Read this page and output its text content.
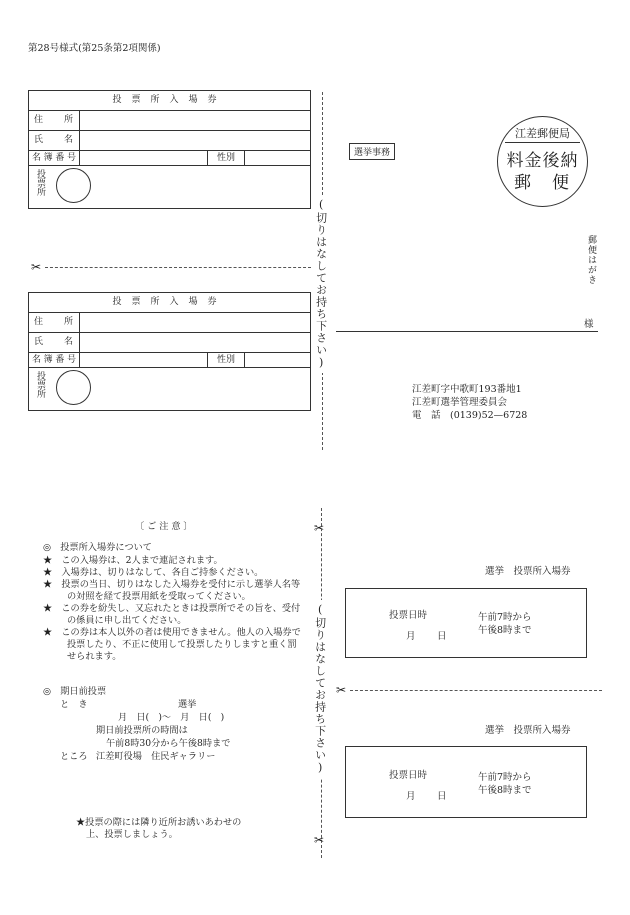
第28号様式(第25条第2項関係)
投票所入場券
住　所
氏　名
名簿番号	性別
投票所
✂
投票所入場券
住　所
氏　名
名簿番号	性別
投票所
(切りはなしてお持ち下さい)
選挙事務
江差郵便局
料金後納
郵　便
郵便はがき
様
江差町字中歌町193番地1
江差町選挙管理委員会
電　話　(0139)52—6728
〔 ご 注 意 〕
◎　投票所入場券について
★　この入場券は、2人まで連記されます。
★　入場券は、切りはなして、各自ご持参ください。
★　投票の当日、切りはなした入場券を受付に示し選挙人名等の対照を経て投票用紙を受取ってください。
★　この券を紛失し、又忘れたときは投票所でその旨を、受付の係員に申し出てください。
★　この券は本人以外の者は使用できません。他人の入場券で投票したり、不正に使用して投票したりしますと重く罰せられます。
◎　期日前投票
と　き	選挙
月　日(　)〜　月　日(　)
期日前投票所の時間は
午前8時30分から午後8時まで
ところ 江差町役場　住民ギャラリー
★投票の際には隣り近所お誘いあわせの上、投票しましょう。
✂
(切りはなしてお持ち下さい)
✂
✂
選挙　投票所入場券
投票日時
月　日
午前7時から
午後8時まで
選挙　投票所入場券
投票日時
月　日
午前7時から
午後8時まで
